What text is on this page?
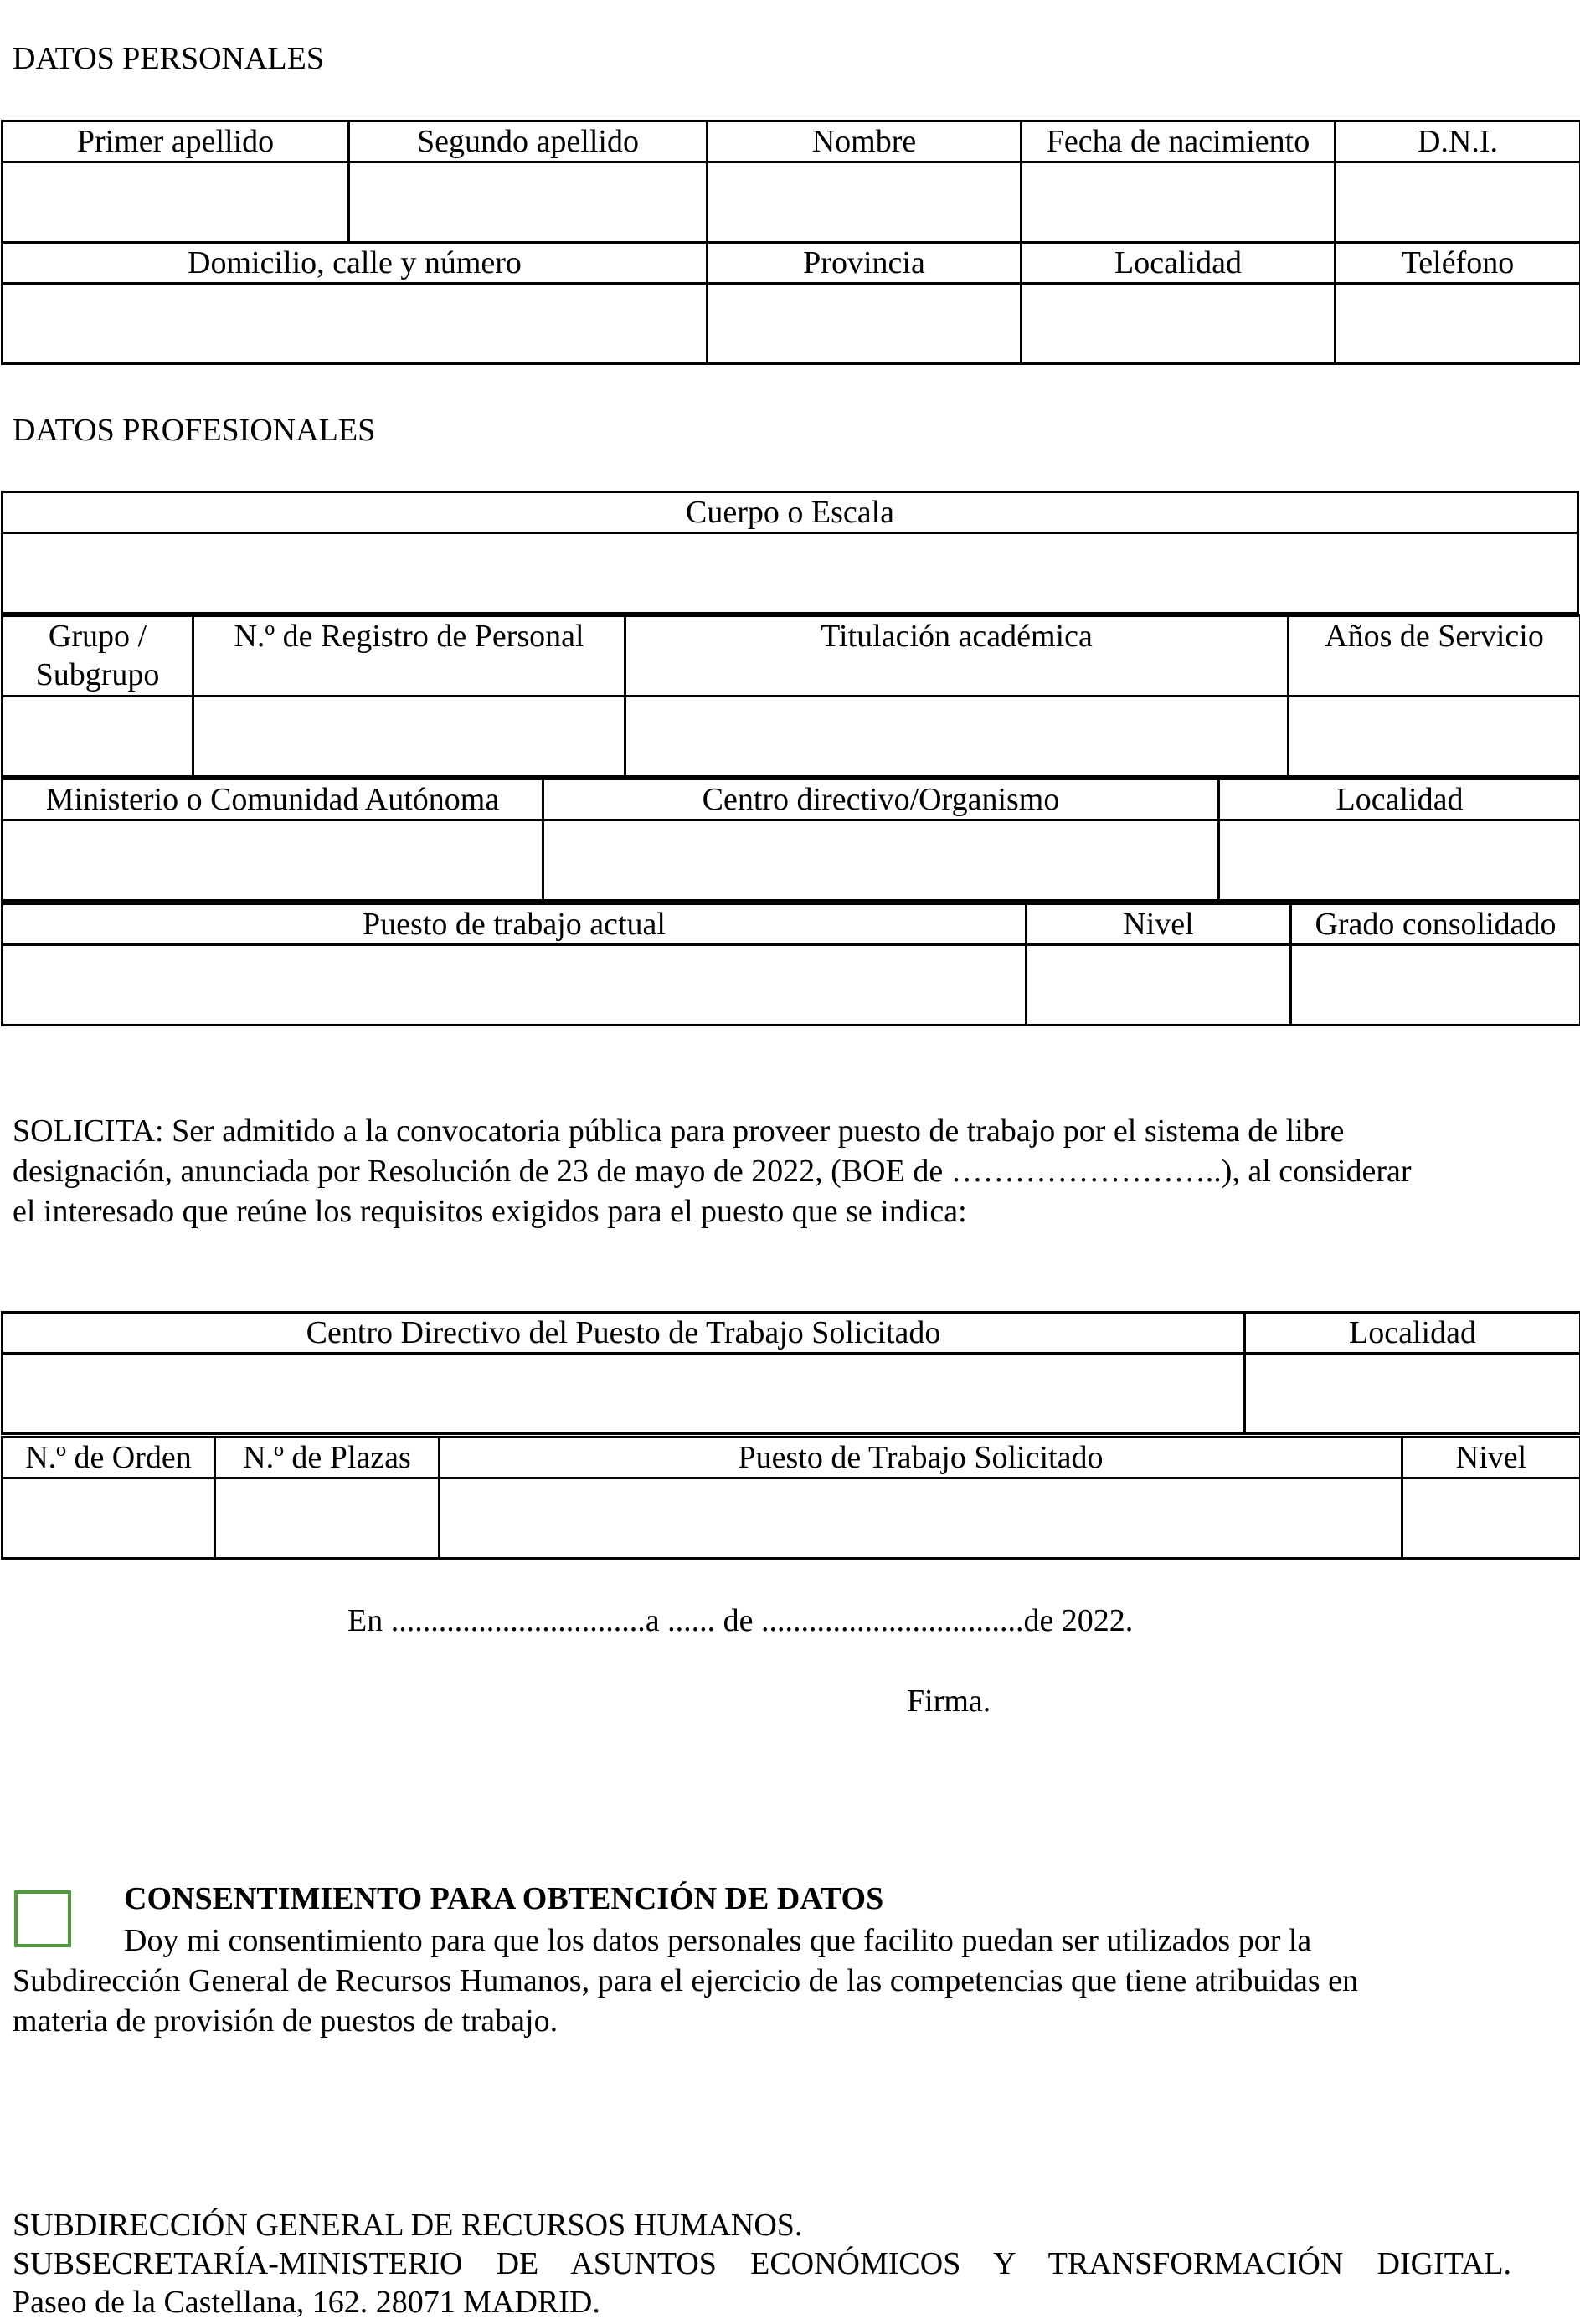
DATOS PERSONALES
Primer apellido	Segundo apellido	Nombre	Fecha de nacimiento	D.N.I.

Domicilio, calle y número		Provincia	Localidad	Teléfono

DATOS PROFESIONALES
Cuerpo o Escala

Grupo /
Subgrupo	N.º de Registro de Personal	Titulación académica	Años de Servicio

Ministerio o Comunidad Autónoma	Centro directivo/Organismo	Localidad

Puesto de trabajo actual	Nivel	Grado consolidado

SOLICITA: Ser admitido a la convocatoria pública para proveer puesto de trabajo por el sistema de libre
designación, anunciada por Resolución de 23 de mayo de 2022, (BOE de ……………………..), al considerar
el interesado que reúne los requisitos exigidos para el puesto que se indica:
Centro Directivo del Puesto de Trabajo Solicitado	Localidad

N.º de Orden	N.º de Plazas	Puesto de Trabajo Solicitado	Nivel

En ................................a ...... de .................................de 2022.
Firma.
CONSENTIMIENTO PARA OBTENCIÓN DE DATOS
Doy mi consentimiento para que los datos personales que facilito puedan ser utilizados por la
Subdirección General de Recursos Humanos, para el ejercicio de las competencias que tiene atribuidas en
materia de provisión de puestos de trabajo.
SUBDIRECCIÓN GENERAL DE RECURSOS HUMANOS.
SUBSECRETARÍA-MINISTERIO DE ASUNTOS ECONÓMICOS Y TRANSFORMACIÓN DIGITAL.
Paseo de la Castellana, 162. 28071 MADRID.
